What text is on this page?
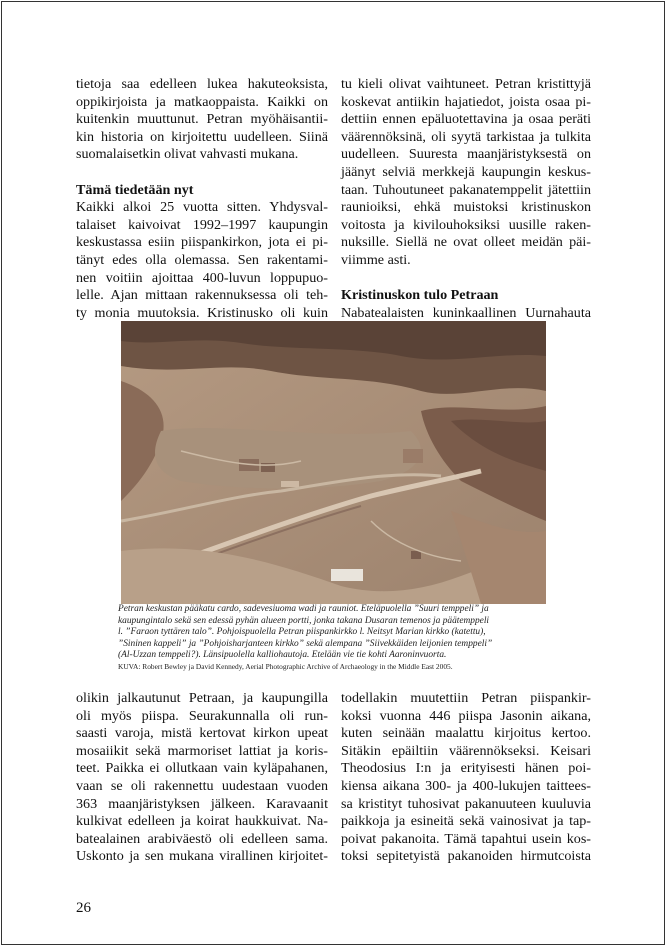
tietoja saa edelleen lukea hakuteoksista,
oppikirjoista ja matkaoppaista. Kaikki on
kuitenkin muuttunut. Petran myöhäisantii-
kin historia on kirjoitettu uudelleen. Siinä
suomalaisetkin olivat vahvasti mukana.

Tämä tiedetään nyt

Kaikki alkoi 25 vuotta sitten. Yhdysval-
talaiset kaivoivat 1992–1997 kaupungin
keskustassa esiin piispankirkon, jota ei pi-
tänyt edes olla olemassa. Sen rakentami-
nen voitiin ajoittaa 400-luvun loppupuo-
lelle. Ajan mittaan rakennuksessa oli teh-
ty monia muutoksia. Kristinusko oli kuin
tu kieli olivat vaihtuneet. Petran kristittyjä
koskevat antiikin hajatiedot, joista osaa pi-
dettiin ennen epäluotettavina ja osaa peräti
väärennöksinä, oli syytä tarkistaa ja tulkita
uudelleen. Suuresta maanjäristyksestä on
jäänyt selviä merkkejä kaupungin keskus-
taan. Tuhoutuneet pakanatemppelit jätettiin
raunioiksi, ehkä muistoksi kristinuskon
voitosta ja kivilouhoksiksi uusille raken-
nuksille. Siellä ne ovat olleet meidän päi-
viimme asti.

Kristinuskon tulo Petraan

Nabatealaisten kuninkaallinen Uurnahauta
Petran keskustan pääkatu cardo, sadevesiuoma wadi ja rauniot. Eteläpuolella ”Suuri temppeli” ja
kaupungintalo sekä sen edessä pyhän alueen portti, jonka takana Dusaran temenos ja päätemppeli
l. ”Faraon tyttären talo”. Pohjoispuolella Petran piispankirkko l. Neitsyt Marian kirkko (katettu),
”Sininen kappeli” ja ”Pohjoisharjanteen kirkko” sekä alempana ”Siivekkäiden leijonien temppeli”
(Al-Uzzan temppeli?). Länsipuolella kalliohautoja. Etelään vie tie kohti Aaroninvuorta.
KUVA: Robert Bewley ja David Kennedy, Aerial Photographic Archive of Archaeology in the Middle East 2005.
olikin jalkautunut Petraan, ja kaupungilla
oli myös piispa. Seurakunnalla oli run-
saasti varoja, mistä kertovat kirkon upeat
mosaiikit sekä marmoriset lattiat ja koris-
teet. Paikka ei ollutkaan vain kyläpahanen,
vaan se oli rakennettu uudestaan vuoden
363 maanjäristyksen jälkeen. Karavaanit
kulkivat edelleen ja koirat haukkuivat. Na-
batealainen arabiväestö oli edelleen sama.
Uskonto ja sen mukana virallinen kirjoitet-
todellakin muutettiin Petran piispankir-
koksi vuonna 446 piispa Jasonin aikana,
kuten seinään maalattu kirjoitus kertoo.
Sitäkin epäiltiin väärennökseksi. Keisari
Theodosius I:n ja erityisesti hänen poi-
kiensa aikana 300- ja 400-lukujen taittees-
sa kristityt tuhosivat pakanuuteen kuuluvia
paikkoja ja esineitä sekä vainosivat ja tap-
poivat pakanoita. Tämä tapahtui usein kos-
toksi sepitetyistä pakanoiden hirmutcoista
26
